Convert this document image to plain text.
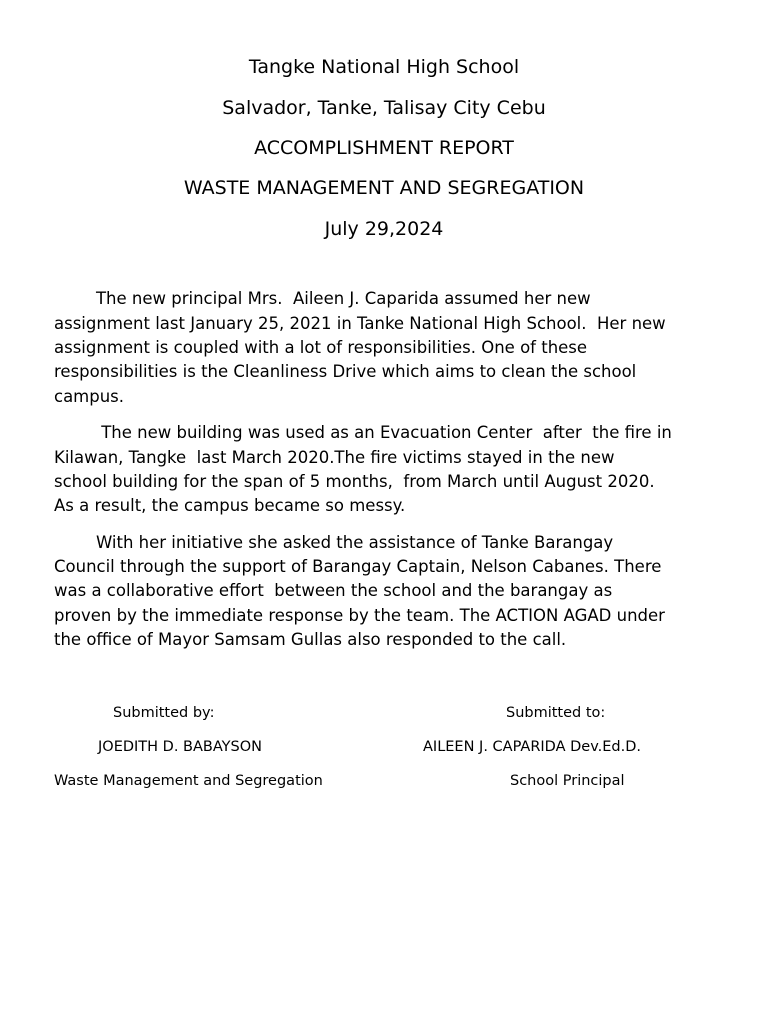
Tangke National High School
Salvador, Tanke, Talisay City Cebu
ACCOMPLISHMENT REPORT
WASTE MANAGEMENT AND SEGREGATION
July 29,2024
The new principal Mrs.  Aileen J. Caparida assumed her new
assignment last January 25, 2021 in Tanke National High School.  Her new
assignment is coupled with a lot of responsibilities. One of these
responsibilities is the Cleanliness Drive which aims to clean the school
campus.
The new building was used as an Evacuation Center  after  the fire in
Kilawan, Tangke  last March 2020.The fire victims stayed in the new
school building for the span of 5 months,  from March until August 2020.
As a result, the campus became so messy.
With her initiative she asked the assistance of Tanke Barangay
Council through the support of Barangay Captain, Nelson Cabanes. There
was a collaborative effort  between the school and the barangay as
proven by the immediate response by the team. The ACTION AGAD under
the office of Mayor Samsam Gullas also responded to the call.
Submitted by:
JOEDITH D. BABAYSON
Waste Management and Segregation
Submitted to:
AILEEN J. CAPARIDA Dev.Ed.D.
School Principal
